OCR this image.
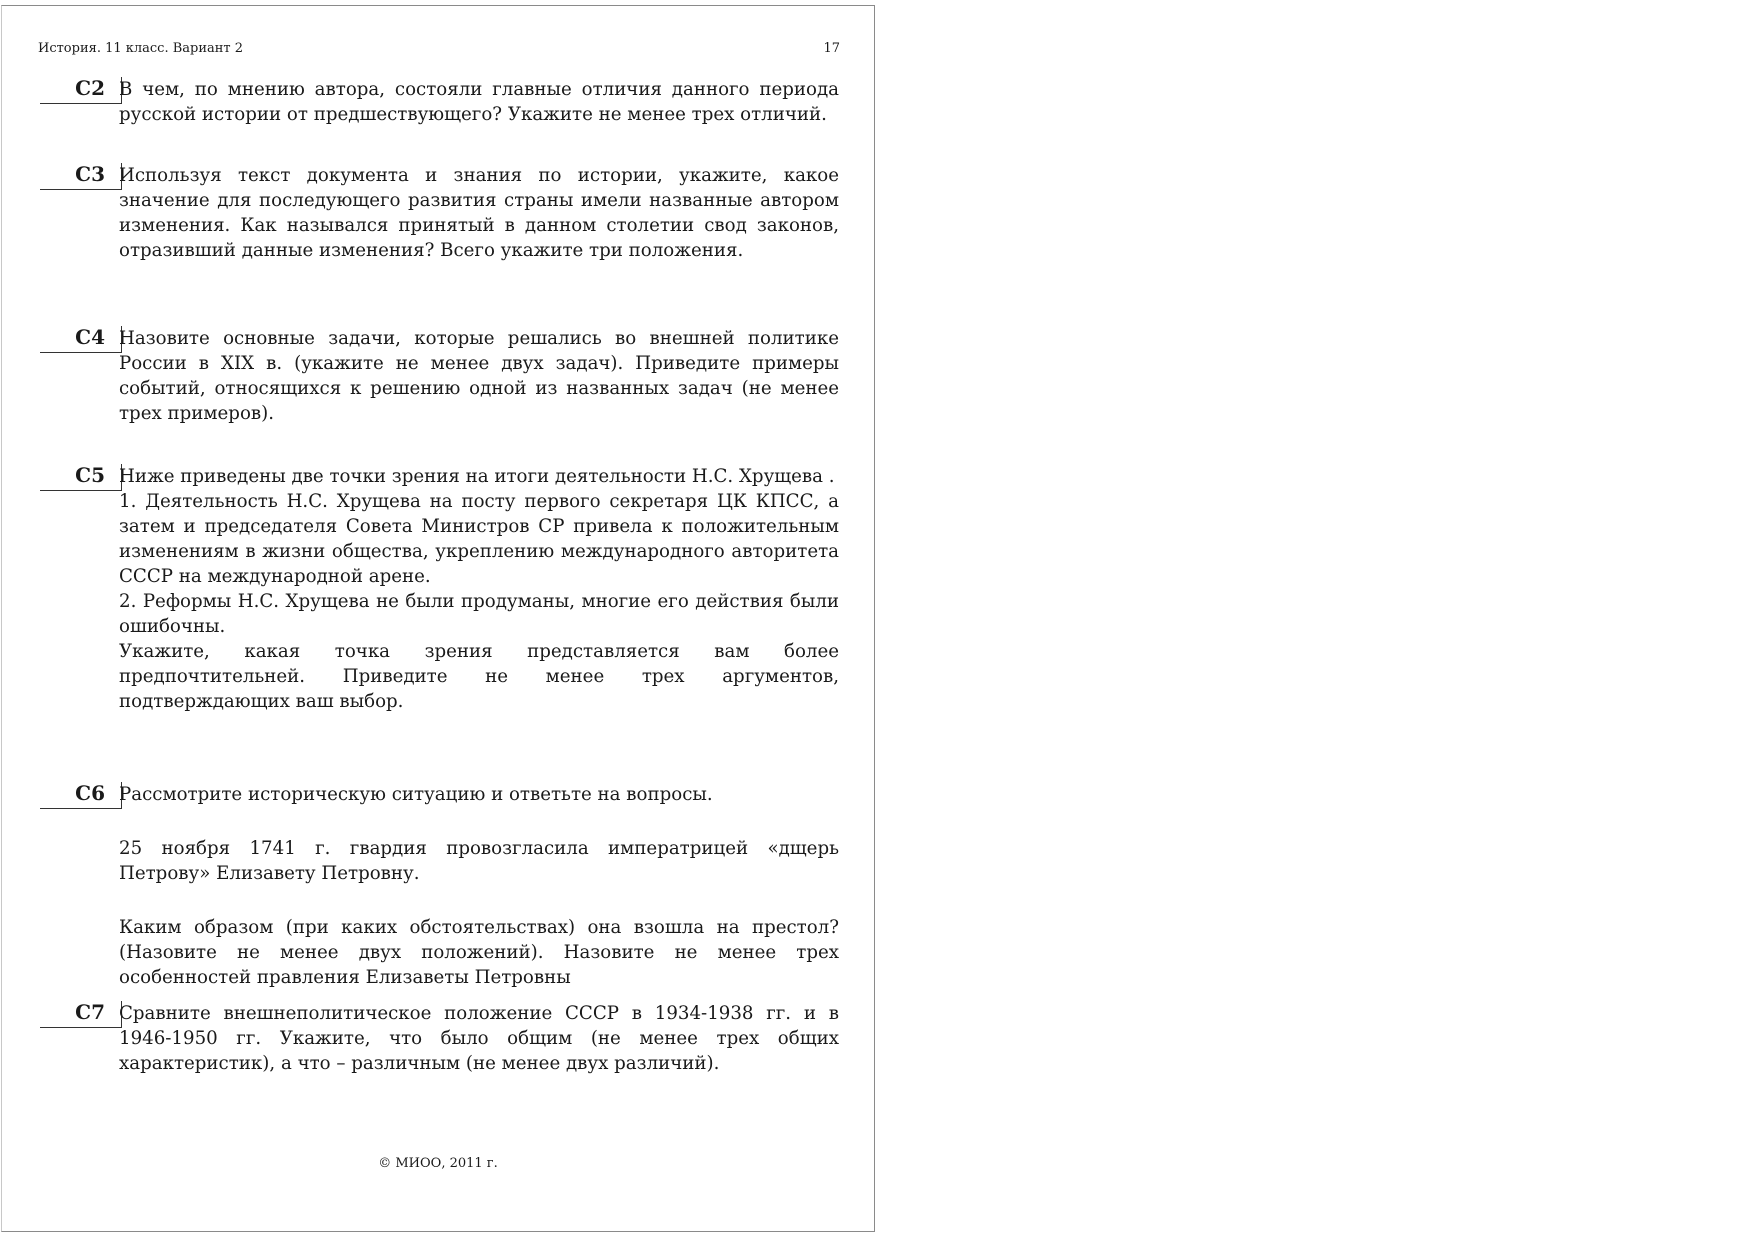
История. 11 класс. Вариант 2	17
C2 В чем, по мнению автора, состояли главные отличия данного периода русской истории от предшествующего? Укажите не менее трех отличий.

C3 Используя текст документа и знания по истории, укажите, какое значение для последующего развития страны имели названные автором изменения. Как назывался принятый в данном столетии свод законов, отразивший данные изменения? Всего укажите три положения.

C4 Назовите основные задачи, которые решались во внешней политике России в XIX в. (укажите не менее двух задач). Приведите примеры событий, относящихся к решению одной из названных задач (не менее трех примеров).

C5 Ниже приведены две точки зрения на итоги деятельности Н.С. Хрущева .

1. Деятельность Н.С. Хрущева на посту первого секретаря ЦК КПСС, а затем и председателя Совета Министров СР привела к положительным изменениям в жизни общества, укреплению международного авторитета СССР на международной арене.

2. Реформы Н.С. Хрущева не были продуманы, многие его действия были ошибочны.

Укажите, какая точка зрения представляется вам более предпочтительней. Приведите не менее трех аргументов, подтверждающих ваш выбор.

C6 Рассмотрите историческую ситуацию и ответьте на вопросы.

25 ноября 1741 г. гвардия провозгласила императрицей «дщерь Петрову» Елизавету Петровну.

Каким образом (при каких обстоятельствах) она взошла на престол? (Назовите не менее двух положений). Назовите не менее трех особенностей правления Елизаветы Петровны

C7 Сравните внешнеполитическое положение СССР в 1934-1938 гг. и в 1946-1950 гг. Укажите, что было общим (не менее трех общих характеристик), а что – различным (не менее двух различий).

© МИОО, 2011 г.
